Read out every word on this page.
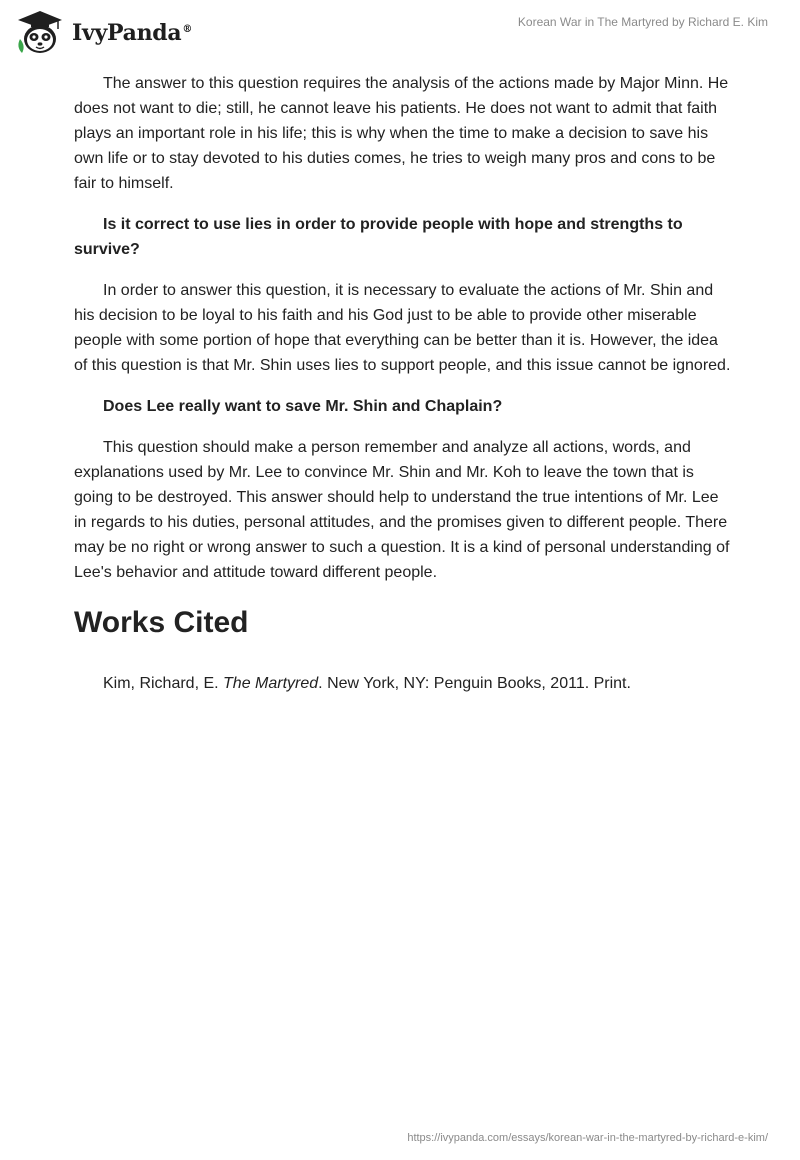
IvyPanda®
Korean War in The Martyred by Richard E. Kim

The answer to this question requires the analysis of the actions made by Major Minn. He does not want to die; still, he cannot leave his patients. He does not want to admit that faith plays an important role in his life; this is why when the time to make a decision to save his own life or to stay devoted to his duties comes, he tries to weigh many pros and cons to be fair to himself.

Is it correct to use lies in order to provide people with hope and strengths to survive?

In order to answer this question, it is necessary to evaluate the actions of Mr. Shin and his decision to be loyal to his faith and his God just to be able to provide other miserable people with some portion of hope that everything can be better than it is. However, the idea of this question is that Mr. Shin uses lies to support people, and this issue cannot be ignored.

Does Lee really want to save Mr. Shin and Chaplain?

This question should make a person remember and analyze all actions, words, and explanations used by Mr. Lee to convince Mr. Shin and Mr. Koh to leave the town that is going to be destroyed. This answer should help to understand the true intentions of Mr. Lee in regards to his duties, personal attitudes, and the promises given to different people. There may be no right or wrong answer to such a question. It is a kind of personal understanding of Lee's behavior and attitude toward different people.

Works Cited

Kim, Richard, E. The Martyred. New York, NY: Penguin Books, 2011. Print.

https://ivypanda.com/essays/korean-war-in-the-martyred-by-richard-e-kim/
